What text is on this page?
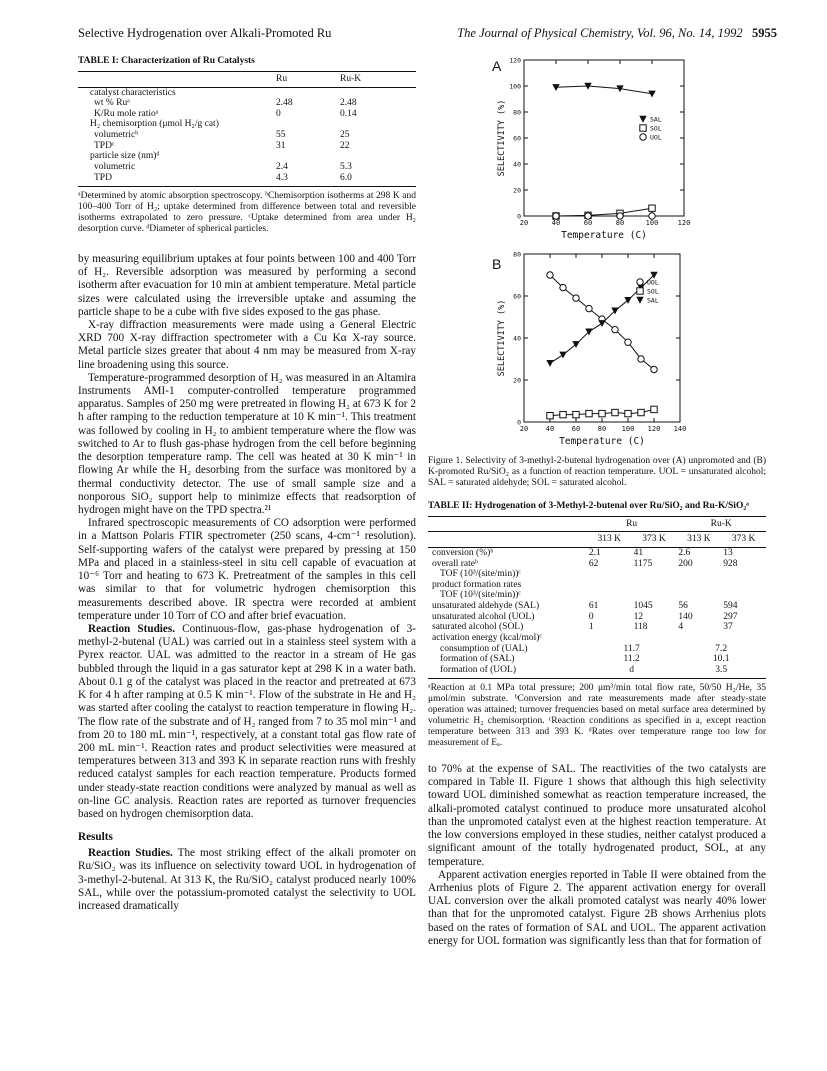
Selective Hydrogenation over Alkali-Promoted Ru	The Journal of Physical Chemistry, Vol. 96, No. 14, 1992 5955

TABLE I: Characterization of Ru Catalysts

	Ru	Ru-K
catalyst characteristics		
wt % Ruᵃ	2.48	2.48
K/Ru mole ratioᵃ	0	0.14
H₂ chemisorption (μmol H₂/g cat)		
volumetricᵇ	55	25
TPDᶜ	31	22
particle size (nm)ᵈ		
volumetric	2.4	5.3
TPD	4.3	6.0

ᵃDetermined by atomic absorption spectroscopy. ᵇChemisorption isotherms at 298 K and 100–400 Torr of H₂; uptake determined from difference between total and reversible isotherms extrapolated to zero pressure. ᶜUptake determined from area under H₂ desorption curve. ᵈDiameter of spherical particles.

by measuring equilibrium uptakes at four points between 100 and 400 Torr of H₂. Reversible adsorption was measured by performing a second isotherm after evacuation for 10 min at ambient temperature. Metal particle sizes were calculated using the irreversible uptake and assuming the particle shape to be a cube with five sides exposed to the gas phase.

X-ray diffraction measurements were made using a General Electric XRD 700 X-ray diffraction spectrometer with a Cu Kα X-ray source. Metal particle sizes greater that about 4 nm may be measured from X-ray line broadening using this source.

Temperature-programmed desorption of H₂ was measured in an Altamira Instruments AMI-1 computer-controlled temperature programmed apparatus. Samples of 250 mg were pretreated in flowing H₂ at 673 K for 2 h after ramping to the reduction temperature at 10 K min⁻¹. This treatment was followed by cooling in H₂ to ambient temperature where the flow was switched to Ar to flush gas-phase hydrogen from the cell before beginning the desorption temperature ramp. The cell was heated at 30 K min⁻¹ in flowing Ar while the H₂ desorbing from the surface was monitored by a thermal conductivity detector. The use of small sample size and a nonporous SiO₂ support help to minimize effects that readsorption of hydrogen might have on the TPD spectra.²¹

Infrared spectroscopic measurements of CO adsorption were performed in a Mattson Polaris FTIR spectrometer (250 scans, 4-cm⁻¹ resolution). Self-supporting wafers of the catalyst were prepared by pressing at 150 MPa and placed in a stainless-steel in situ cell capable of evacuation at 10⁻⁶ Torr and heating to 673 K. Pretreatment of the samples in this cell was similar to that for volumetric hydrogen chemisorption this measurements described above. IR spectra were recorded at ambient temperature under 10 Torr of CO and after brief evacuation.

Reaction Studies. Continuous-flow, gas-phase hydrogenation of 3-methyl-2-butenal (UAL) was carried out in a stainless steel system with a Pyrex reactor. UAL was admitted to the reactor in a stream of He gas bubbled through the liquid in a gas saturator kept at 298 K in a water bath. About 0.1 g of the catalyst was placed in the reactor and pretreated at 673 K for 4 h after ramping at 0.5 K min⁻¹. Flow of the substrate in He and H₂ was started after cooling the catalyst to reaction temperature in flowing H₂. The flow rate of the substrate and of H₂ ranged from 7 to 35 mol min⁻¹ and from 20 to 180 mL min⁻¹, respectively, at a constant total gas flow rate of 200 mL min⁻¹. Reaction rates and product selectivities were measured at temperatures between 313 and 393 K in separate reaction runs with freshly reduced catalyst samples for each reaction temperature. Products formed under steady-state reaction conditions were analyzed by manual as well as on-line GC analysis. Reaction rates are reported as turnover frequencies based on hydrogen chemisorption data.

Results

Reaction Studies. The most striking effect of the alkali promoter on Ru/SiO₂ was its influence on selectivity toward UOL in hydrogenation of 3-methyl-2-butenal. At 313 K, the Ru/SiO₂ catalyst produced nearly 100% SAL, while over the potassium-promoted catalyst the selectivity to UOL increased dramatically

A
20	40	60	80	100	120
0
20
40
60
80
100
120
Temperature (C)
SELECTIVITY (%)	SAL
SOL
UOL
B
20	40	60	80 100 120 140
0
20
40
60
80
Temperature (C)
SELECTIVITY (%)
UOL
SOL
SAL

Figure 1. Selectivity of 3-methyl-2-butenal hydrogenation over (A) unpromoted and (B) K-promoted Ru/SiO₂ as a function of reaction temperature. UOL = unsaturated alcohol; SAL = saturated aldehyde; SOL = saturated alcohol.

TABLE II: Hydrogenation of 3-Methyl-2-butenal over Ru/SiO₂ and Ru-K/SiO₂ᵃ

	Ru		Ru-K	
	313 K	373 K	313 K	373 K
conversion (%)ᵇ	2.1	41	2.6	13
overall rateᵇ	62	1175	200	928
TOF (10³/(site/min))ᶜ				
product formation rates				
TOF (10³/(site/min))ᶜ				
unsaturated aldehyde (SAL)	61	1045	56	594
unsaturated alcohol (UOL)	0	12	140	297
saturated alcohol (SOL)	1	118	4	37
activation energy (kcal/mol)ᶜ				
consumption of (UAL)	11.7		7.2	
formation of (SAL)	11.2		10.1	
formation of (UOL)	d		3.5	

ᵃReaction at 0.1 MPa total pressure; 200 μm³/min total flow rate, 50/50 H₂/He, 35 μmol/min substrate. ᵇConversion and rate measurements made after steady-state operation was attained; turnover frequencies based on metal surface area determined by volumetric H₂ chemisorption. ᶜReaction conditions as specified in a, except reaction temperature between 313 and 393 K. ᵈRates over temperature range too low for measurement of Eₐ.

to 70% at the expense of SAL. The reactivities of the two catalysts are compared in Table II. Figure 1 shows that although this high selectivity toward UOL diminished somewhat as reaction temperature increased, the alkali-promoted catalyst continued to produce more unsaturated alcohol than the unpromoted catalyst even at the highest reaction temperature. At the low conversions employed in these studies, neither catalyst produced a significant amount of the totally hydrogenated product, SOL, at any temperature.

Apparent activation energies reported in Table II were obtained from the Arrhenius plots of Figure 2. The apparent activation energy for overall UAL conversion over the alkali promoted catalyst was nearly 40% lower than that for the unpromoted catalyst. Figure 2B shows Arrhenius plots based on the rates of formation of SAL and UOL. The apparent activation energy for UOL formation was significantly less than that for formation of
